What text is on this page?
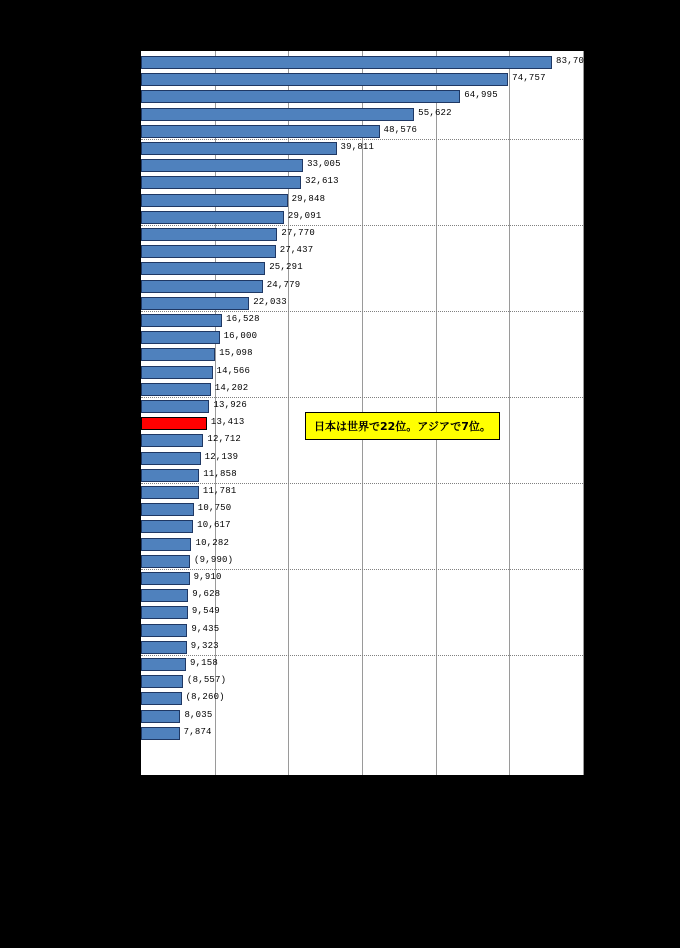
83,700
74,757
64,995
55,622
48,576
39,811
33,005
32,613
29,848
29,091
27,770
27,437
25,291
24,779
22,033
16,528
16,000
15,098
14,566
14,202
13,926
13,413
12,712
12,139
11,858
11,781
10,750
10,617
10,282
(9,990)
9,910
9,628
9,549
9,435
9,323
9,158
(8,557)
(8,260)
8,035
7,874
日本は世界で22位。アジアで7位。
